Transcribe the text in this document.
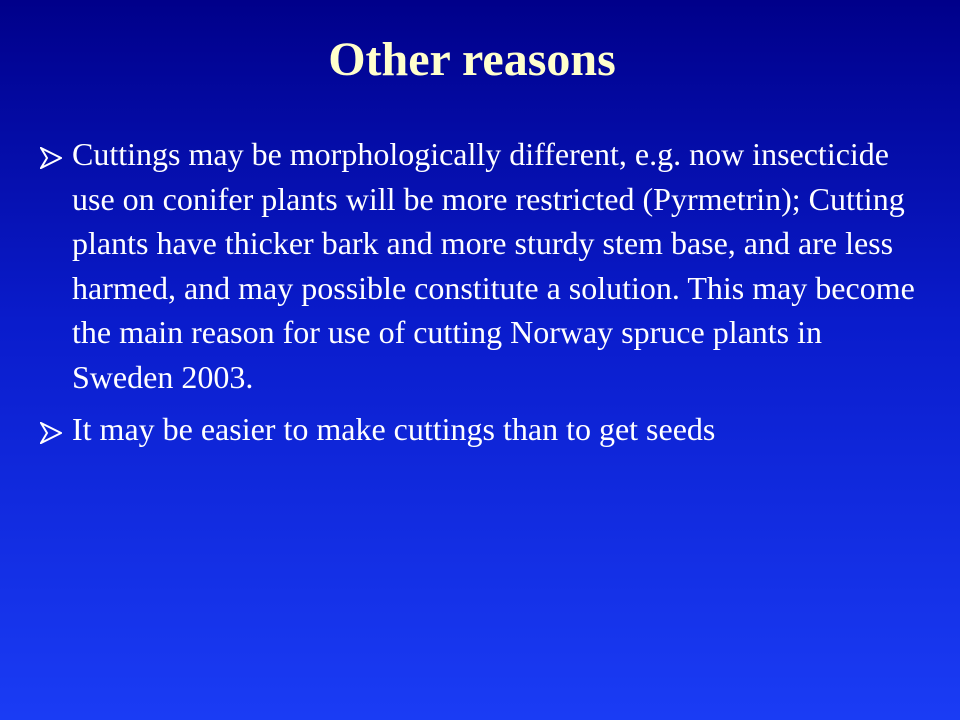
Other reasons
Cuttings may be morphologically different, e.g. now insecticide use on conifer plants will be more restricted (Pyrmetrin); Cutting plants have thicker bark and more sturdy stem base, and are less harmed, and may possible constitute a solution. This may become the main reason for use of cutting Norway spruce plants in Sweden 2003.
It may be easier to make cuttings than to get seeds
